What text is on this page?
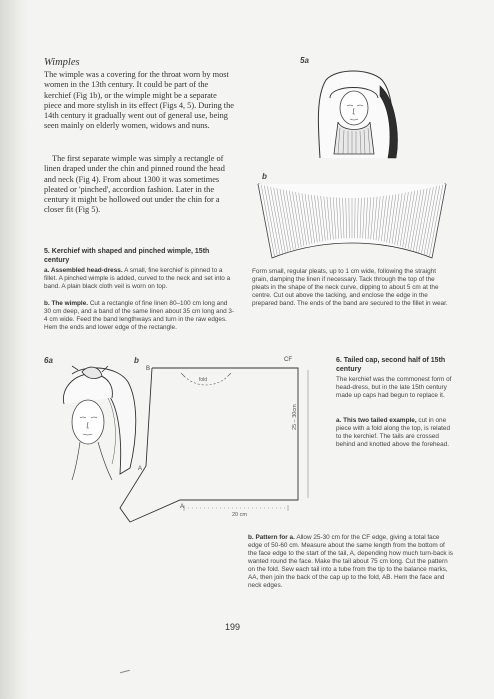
Wimples

The wimple was a covering for the throat worn by most women in the 13th century. It could be part of the kerchief (Fig 1b), or the wimple might be a separate piece and more stylish in its effect (Figs 4, 5). During the 14th century it gradually went out of general use, being seen mainly on elderly women, widows and nuns.

The first separate wimple was simply a rectangle of linen draped under the chin and pinned round the head and neck (Fig 4). From about 1300 it was sometimes pleated or 'pinched', accordion fashion. Later in the century it might be hollowed out under the chin for a closer fit (Fig 5).

5a
b

5. Kerchief with shaped and pinched wimple, 15th century

a. Assembled head-dress. A small, fine kerchief is pinned to a fillet. A pinched wimple is added, curved to the neck and set into a band. A plain black cloth veil is worn on top.

b. The wimple. Cut a rectangle of fine linen 80–100 cm long and 30 cm deep, and a band of the same linen about 35 cm long and 3-4 cm wide. Feed the band lengthways and turn in the raw edges. Hem the ends and lower edge of the rectangle.

Form small, regular pleats, up to 1 cm wide, following the straight grain, damping the linen if necessary. Tack through the top of the pleats in the shape of the neck curve, dipping to about 5 cm at the centre. Cut out above the tacking, and enclose the edge in the prepared band. The ends of the band are secured to the fillet in wear.

6a	b
B
CF
fold
A
A
25 – 30cm
20 cm

6. Tailed cap, second half of 15th century

The kerchief was the commonest form of head-dress, but in the late 15th century made up caps had begun to replace it.

a. This two tailed example, cut in one piece with a fold along the top, is related to the kerchief. The tails are crossed behind and knotted above the forehead.

b. Pattern for a. Allow 25-30 cm for the CF edge, giving a total face edge of 50-60 cm. Measure about the same length from the bottom of the face edge to the start of the tail, A, depending how much turn-back is wanted round the face. Make the tail about 75 cm long. Cut the pattern on the fold. Sew each tail into a tube from the tip to the balance marks, AA, then join the back of the cap up to the fold, AB. Hem the face and neck edges.

199
